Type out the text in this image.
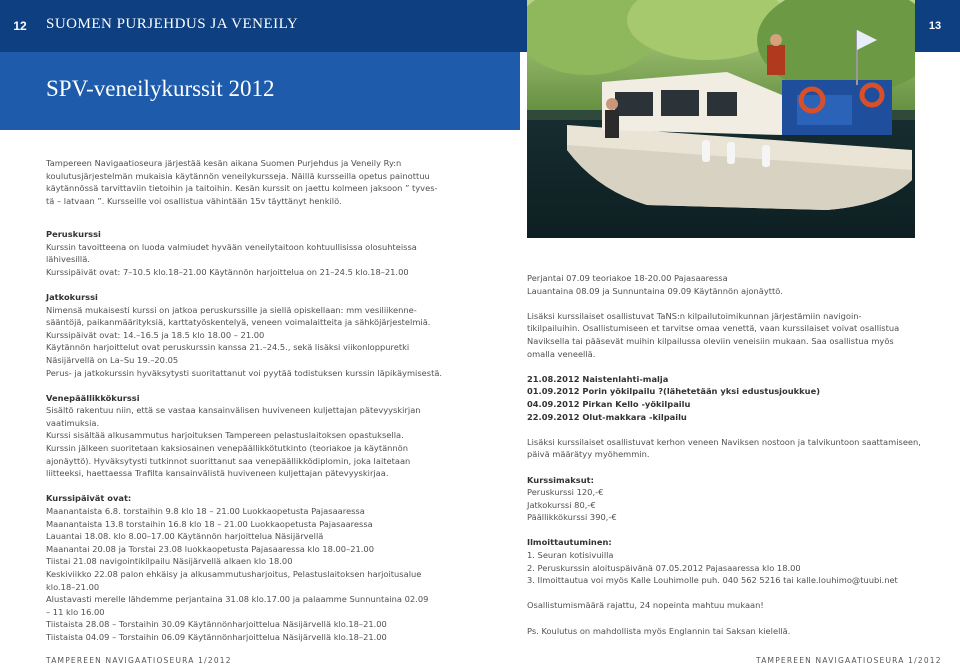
12	SUOMEN PURJEHDUS JA VENEILY	13
SPV-veneilykurssit 2012

Tampereen Navigaatioseura järjestää kesän aikana Suomen Purjehdus ja Veneily Ry:n

koulutusjärjestelmän mukaisia käytännön veneilykursseja. Näillä kursseilla opetus painottuu

käytännössä tarvittaviin tietoihin ja taitoihin. Kesän kurssit on jaettu kolmeen jaksoon ” tyves-

tä – latvaan ”. Kursseille voi osallistua vähintään 15v täyttänyt henkilö.

Peruskurssi

Kurssin tavoitteena on luoda valmiudet hyvään veneilytaitoon kohtuullisissa olosuhteissa

lähivesillä.

Kurssipäivät ovat: 7–10.5 klo.18–21.00 Käytännön harjoittelua on 21–24.5 klo.18–21.00

Jatkokurssi

Nimensä mukaisesti kurssi on jatkoa peruskurssille ja siellä opiskellaan: mm vesiliikenne-

sääntöjä, paikanmäärityksiä, karttatyöskentelyä, veneen voimalaitteita ja sähköjärjestelmiä.

Kurssipäivät ovat: 14.–16.5 ja 18.5 klo 18.00 – 21.00

Käytännön harjoittelut ovat peruskurssin kanssa 21.–24.5., sekä lisäksi viikonloppuretki

Näsijärvellä on La–Su 19.–20.05

Perus- ja jatkokurssin hyväksytysti suoritattanut voi pyytää todistuksen kurssin läpikäymisestä.

Venepäällikkökurssi

Sisältö rakentuu niin, että se vastaa kansainvälisen huviveneen kuljettajan pätevyyskirjan

vaatimuksia.

Kurssi sisältää alkusammutus harjoituksen Tampereen pelastuslaitoksen opastuksella.

Kurssin jälkeen suoritetaan kaksiosainen venepäällikkötutkinto (teoriakoe ja käytännön

ajonäyttö). Hyväksytysti tutkinnot suorittanut saa venepäällikködiplomin, joka laitetaan

liitteeksi, haettaessa Trafilta kansainvälistä huviveneen kuljettajan pätevyyskirjaa.

Kurssipäivät ovat:

Maanantaista 6.8. torstaihin 9.8 klo 18 – 21.00 Luokkaopetusta Pajasaaressa

Maanantaista 13.8 torstaihin 16.8 klo 18 – 21.00 Luokkaopetusta Pajasaaressa

Lauantai 18.08. klo 8.00–17.00 Käytännön harjoittelua Näsijärvellä

Maanantai 20.08 ja Torstai 23.08 luokkaopetusta Pajasaaressa klo 18.00–21.00

Tiistai 21.08 navigointikilpailu Näsijärvellä alkaen klo 18.00

Keskiviikko 22.08 palon ehkäisy ja alkusammutusharjoitus, Pelastuslaitoksen harjoitusalue

klo.18–21.00

Alustavasti merelle lähdemme perjantaina 31.08 klo.17.00 ja palaamme Sunnuntaina 02.09

– 11 klo 16.00

Tiistaista 28.08 – Torstaihin 30.09 Käytännönharjoittelua Näsijärvellä klo.18–21.00

Tiistaista 04.09 – Torstaihin 06.09 Käytännönharjoittelua Näsijärvellä klo.18–21.00

Perjantai 07.09 teoriakoe 18-20.00 Pajasaaressa

Lauantaina 08.09 ja Sunnuntaina 09.09 Käytännön ajonäyttö.

Lisäksi kurssilaiset osallistuvat TaNS:n kilpailutoimikunnan järjestämiin navigoin-

tikilpailuihin. Osallistumiseen et tarvitse omaa venettä, vaan kurssilaiset voivat osallistua

Naviksella tai pääsevät muihin kilpailussa oleviin veneisiin mukaan. Saa osallistua myös

omalla veneellä.

21.08.2012 Naistenlahti-malja

01.09.2012 Porin yökilpailu ?(lähetetään yksi edustusjoukkue)

04.09.2012 Pirkan Kello -yökilpailu

22.09.2012 Olut-makkara -kilpailu

Lisäksi kurssilaiset osallistuvat kerhon veneen Naviksen nostoon ja talvikuntoon saattamiseen,

päivä määrätyy myöhemmin.

Kurssimaksut:

Peruskurssi 120,-€

Jatkokurssi 80,-€

Päällikkökurssi 390,-€

Ilmoittautuminen:

1. Seuran kotisivuilla

2. Peruskurssin aloituspäivänä 07.05.2012 Pajasaaressa klo 18.00

3. Ilmoittautua voi myös Kalle Louhimolle puh. 040 562 5216 tai kalle.louhimo@tuubi.net

Osallistumismäärä rajattu, 24 nopeinta mahtuu mukaan!

Ps. Koulutus on mahdollista myös Englannin tai Saksan kielellä.

TAMPEREEN NAVIGAATIOSEURA 1/2012	TAMPEREEN NAVIGAATIOSEURA 1/2012
